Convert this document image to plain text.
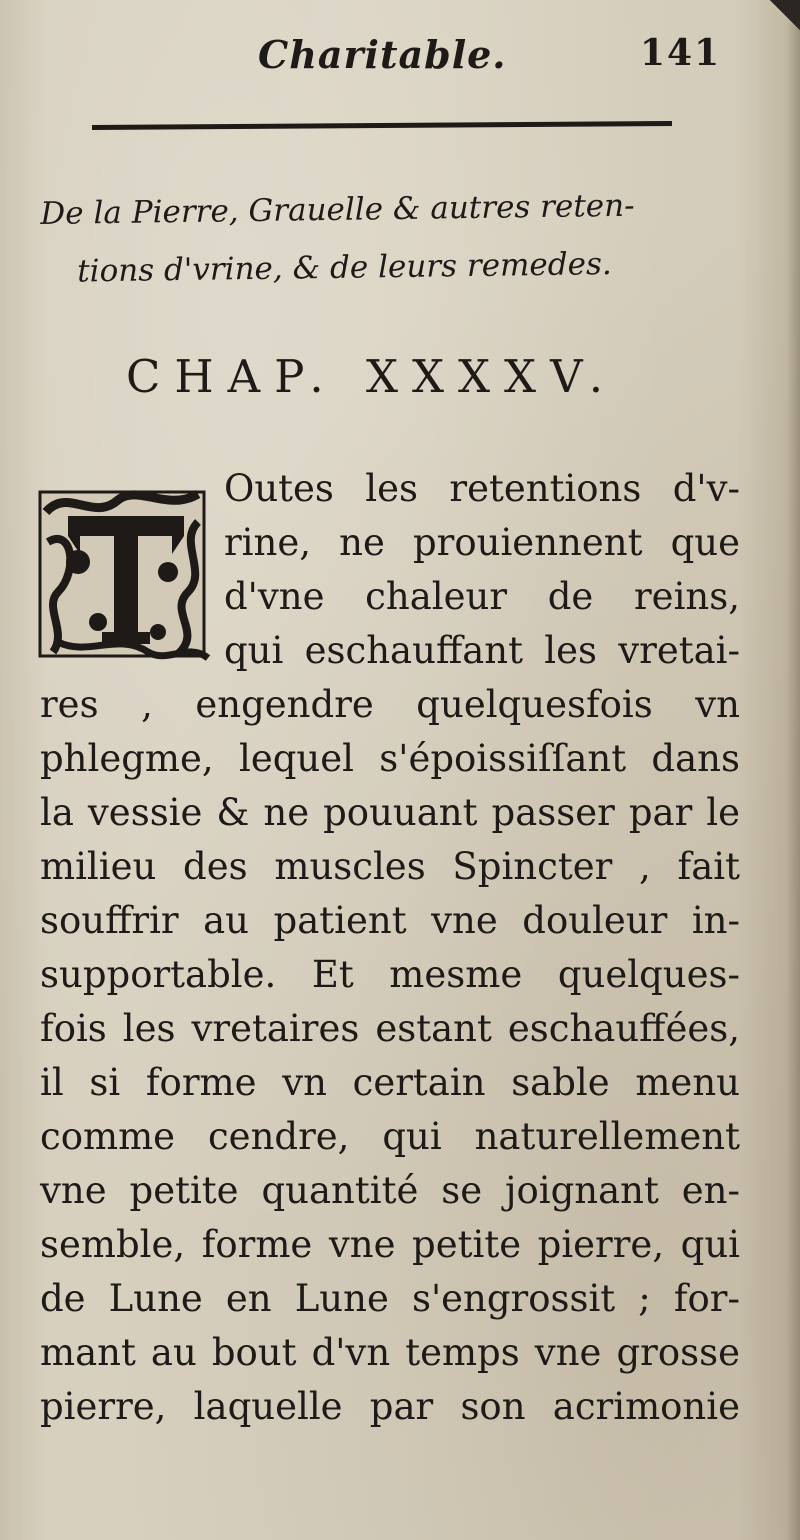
Charitable.	141
De la Pierre, Grauelle & autres reten-
tions d'vrine, & de leurs remedes.
CHAP. XXXXV.
Outes les retentions d'v-
rine, ne prouiennent que
d'vne chaleur de reins,
qui eschauffant les vretai-
res , engendre quelquesfois vn
phlegme, lequel s'époissiſſant dans
la vessie & ne pouuant passer par le
milieu des muscles Spincter , fait
souffrir au patient vne douleur in-
supportable. Et mesme quelques-
fois les vretaires estant eschauffées,
il si forme vn certain sable menu
comme cendre, qui naturellement
vne petite quantité se joignant en-
semble, forme vne petite pierre, qui
de Lune en Lune s'engrossit ; for-
mant au bout d'vn temps vne grosse
pierre, laquelle par son acrimonie
